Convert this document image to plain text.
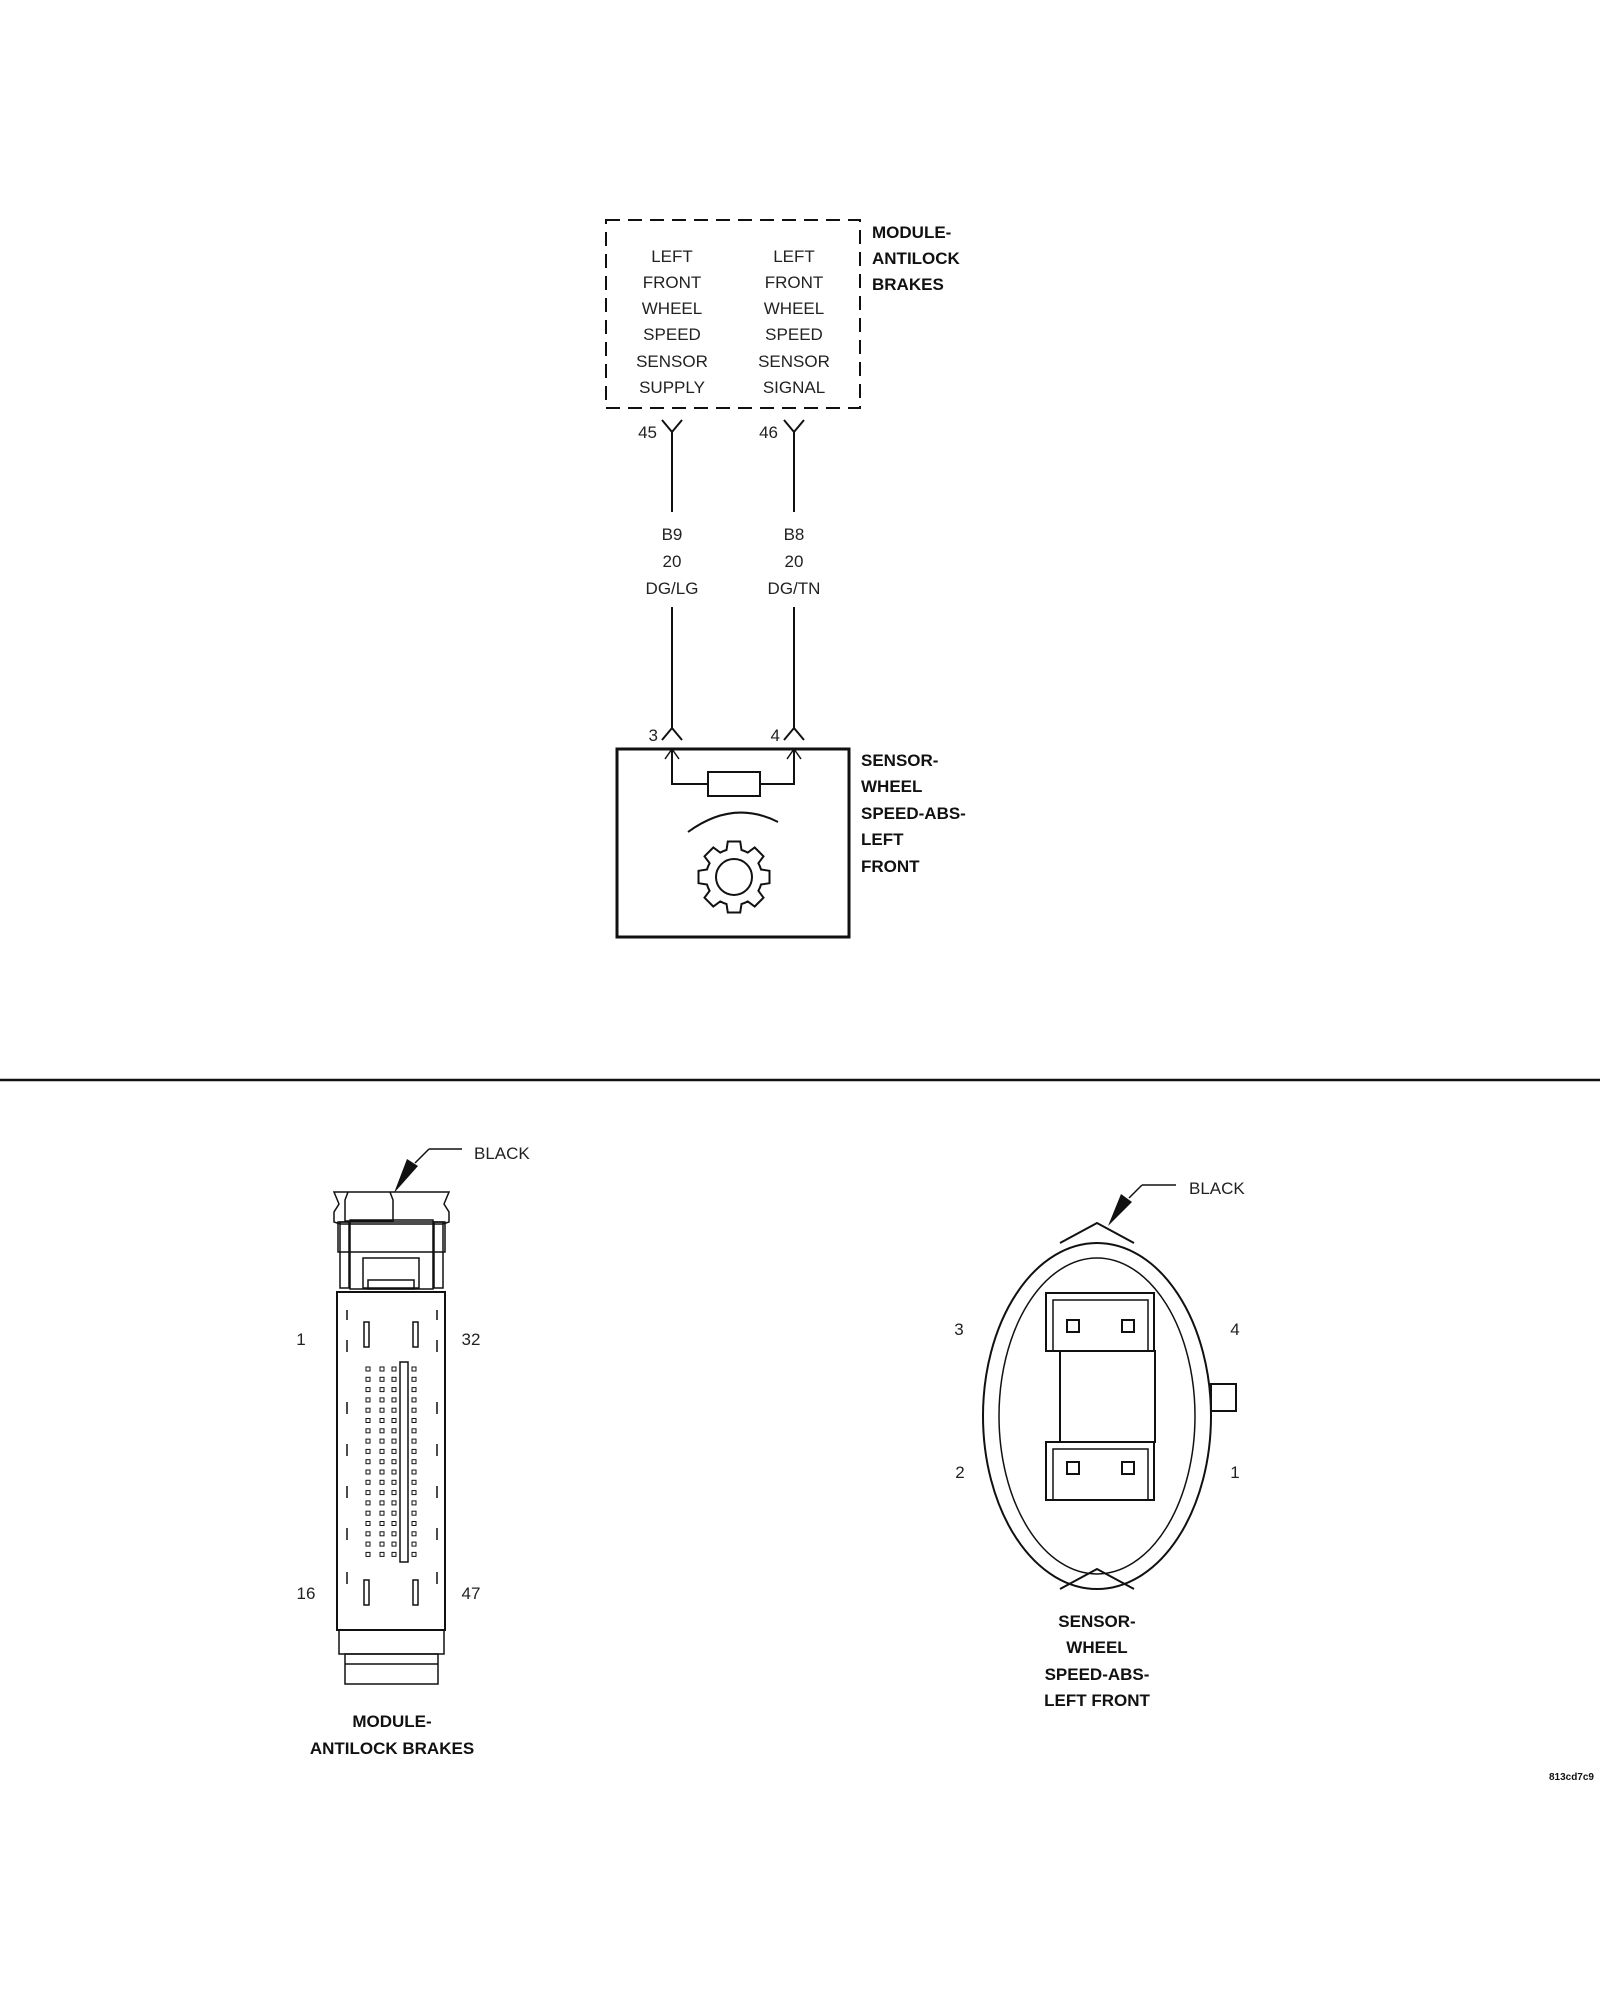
MODULE-
ANTILOCK
BRAKES
LEFT
FRONT
WHEEL
SPEED
SENSOR
SUPPLY
LEFT
FRONT
WHEEL
SPEED
SENSOR
SIGNAL
45
B9
20
DG/LG
3
46
B8
20
DG/TN
4
SENSOR-
WHEEL
SPEED-ABS-
LEFT
FRONT
BLACK
1	32
16	47
MODULE-
ANTILOCK BRAKES
BLACK
3	4
2	1
SENSOR-
WHEEL
SPEED-ABS-
LEFT FRONT
813cd7c9
